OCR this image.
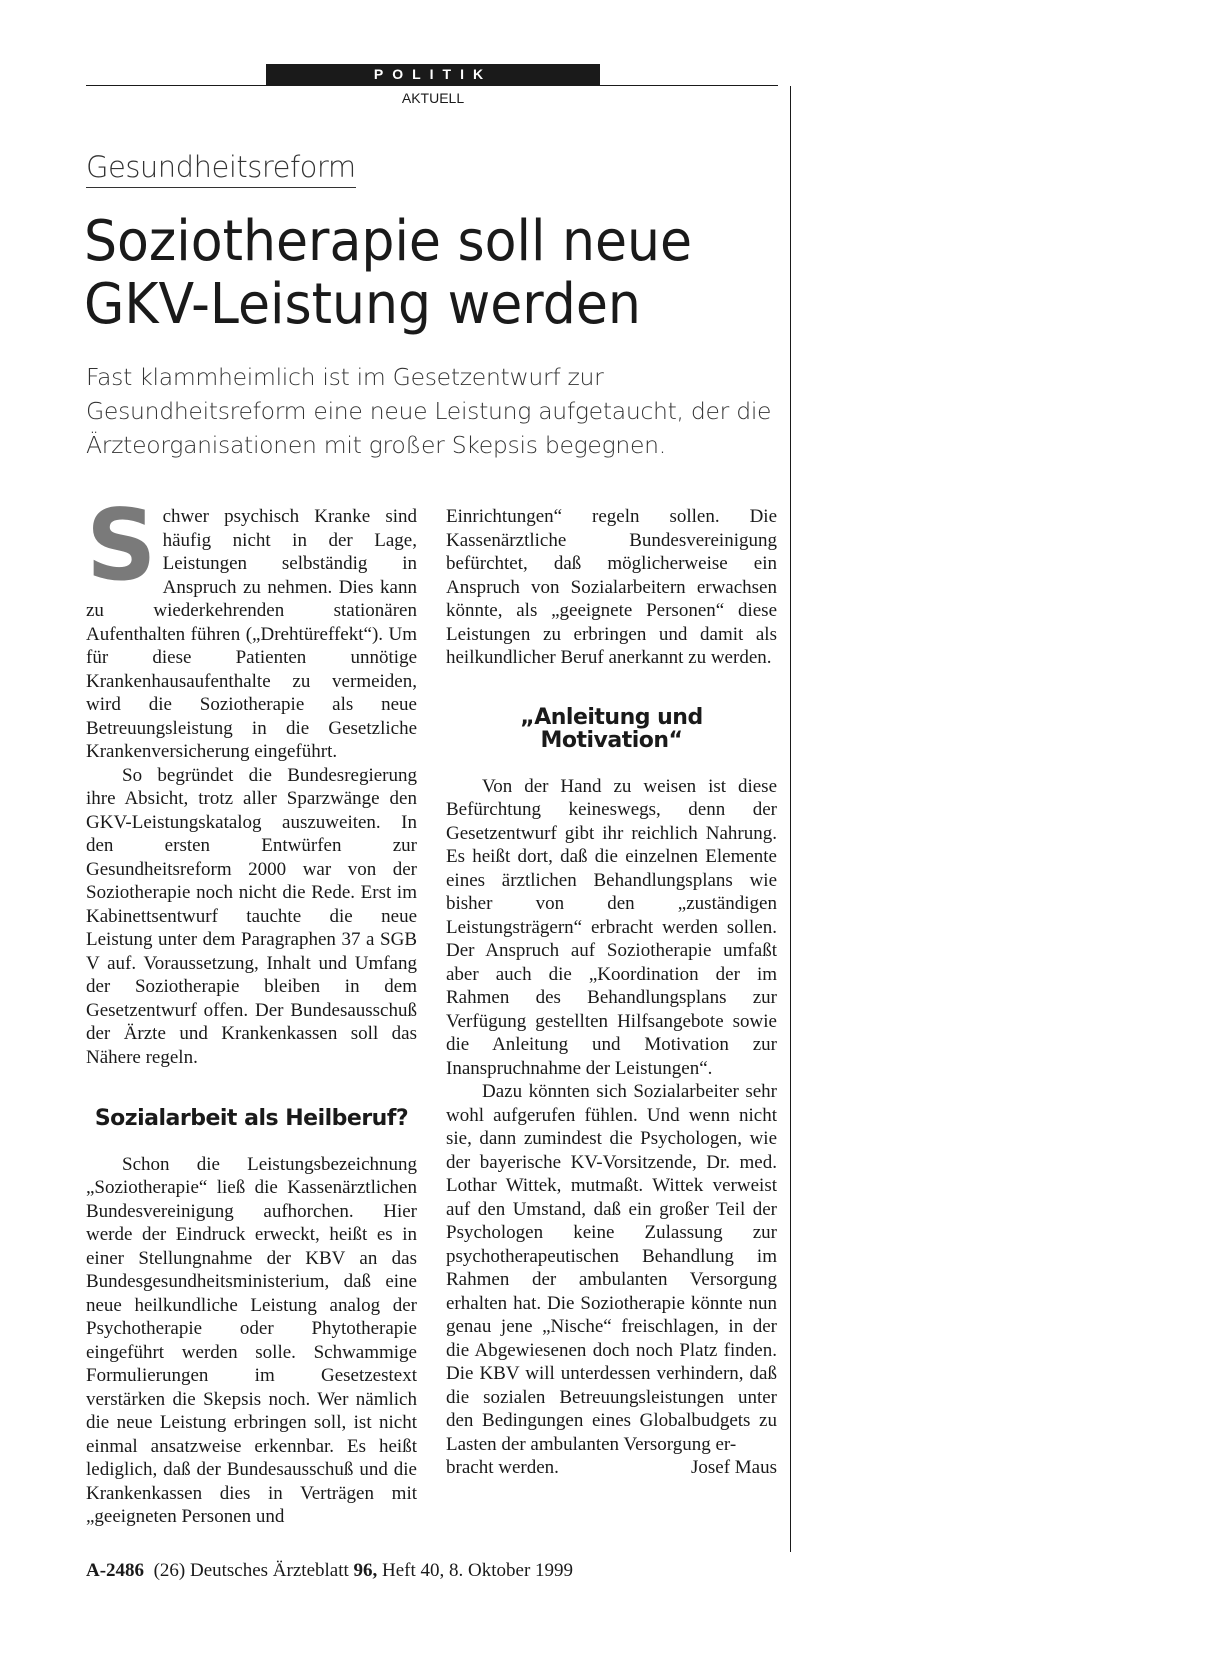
POLITIK
AKTUELL
Gesundheitsreform
Soziotherapie soll neue
GKV-Leistung werden
Fast klammheimlich ist im Gesetzentwurf zur Gesundheitsreform eine neue Leistung aufgetaucht, der die Ärzteorganisationen mit großer Skepsis begegnen.

Schwer psychisch Kranke sind häufig nicht in der Lage, Leistungen selbständig in Anspruch zu nehmen. Dies kann zu wiederkehrenden stationären Aufenthalten führen („Drehtüreffekt“). Um für diese Patienten unnötige Krankenhausaufenthalte zu vermeiden, wird die Soziotherapie als neue Betreuungsleistung in die Gesetzliche Krankenversicherung eingeführt.

So begründet die Bundesregierung ihre Absicht, trotz aller Sparzwänge den GKV-Leistungskatalog auszuweiten. In den ersten Entwürfen zur Gesundheitsreform 2000 war von der Soziotherapie noch nicht die Rede. Erst im Kabinettsentwurf tauchte die neue Leistung unter dem Paragraphen 37 a SGB V auf. Voraussetzung, Inhalt und Umfang der Soziotherapie bleiben in dem Gesetzentwurf offen. Der Bundesausschuß der Ärzte und Krankenkassen soll das Nähere regeln.

Sozialarbeit als Heilberuf?

Schon die Leistungsbezeichnung „Soziotherapie“ ließ die Kassenärztlichen Bundesvereinigung aufhorchen. Hier werde der Eindruck erweckt, heißt es in einer Stellungnahme der KBV an das Bundesgesundheitsministerium, daß eine neue heilkundliche Leistung analog der Psychotherapie oder Phytotherapie eingeführt werden solle. Schwammige Formulierungen im Gesetzestext verstärken die Skepsis noch. Wer nämlich die neue Leistung erbringen soll, ist nicht einmal ansatzweise erkennbar. Es heißt lediglich, daß der Bundesausschuß und die Krankenkassen dies in Verträgen mit „geeigneten Personen und

Einrichtungen“ regeln sollen. Die Kassenärztliche Bundesvereinigung befürchtet, daß möglicherweise ein Anspruch von Sozialarbeitern erwachsen könnte, als „geeignete Personen“ diese Leistungen zu erbringen und damit als heilkundlicher Beruf anerkannt zu werden.

„Anleitung und Motivation“

Von der Hand zu weisen ist diese Befürchtung keineswegs, denn der Gesetzentwurf gibt ihr reichlich Nahrung. Es heißt dort, daß die einzelnen Elemente eines ärztlichen Behandlungsplans wie bisher von den „zuständigen Leistungsträgern“ erbracht werden sollen. Der Anspruch auf Soziotherapie umfaßt aber auch die „Koordination der im Rahmen des Behandlungsplans zur Verfügung gestellten Hilfsangebote sowie die Anleitung und Motivation zur Inanspruchnahme der Leistungen“.

Dazu könnten sich Sozialarbeiter sehr wohl aufgerufen fühlen. Und wenn nicht sie, dann zumindest die Psychologen, wie der bayerische KV-Vorsitzende, Dr. med. Lothar Wittek, mutmaßt. Wittek verweist auf den Umstand, daß ein großer Teil der Psychologen keine Zulassung zur psychotherapeutischen Behandlung im Rahmen der ambulanten Versorgung erhalten hat. Die Soziotherapie könnte nun genau jene „Nische“ freischlagen, in der die Abgewiesenen doch noch Platz finden. Die KBV will unterdessen verhindern, daß die sozialen Betreuungsleistungen unter den Bedingungen eines Globalbudgets zu Lasten der ambulanten Versorgung er-

bracht werden.	Josef Maus
A-2486 (26) Deutsches Ärzteblatt 96, Heft 40, 8. Oktober 1999
